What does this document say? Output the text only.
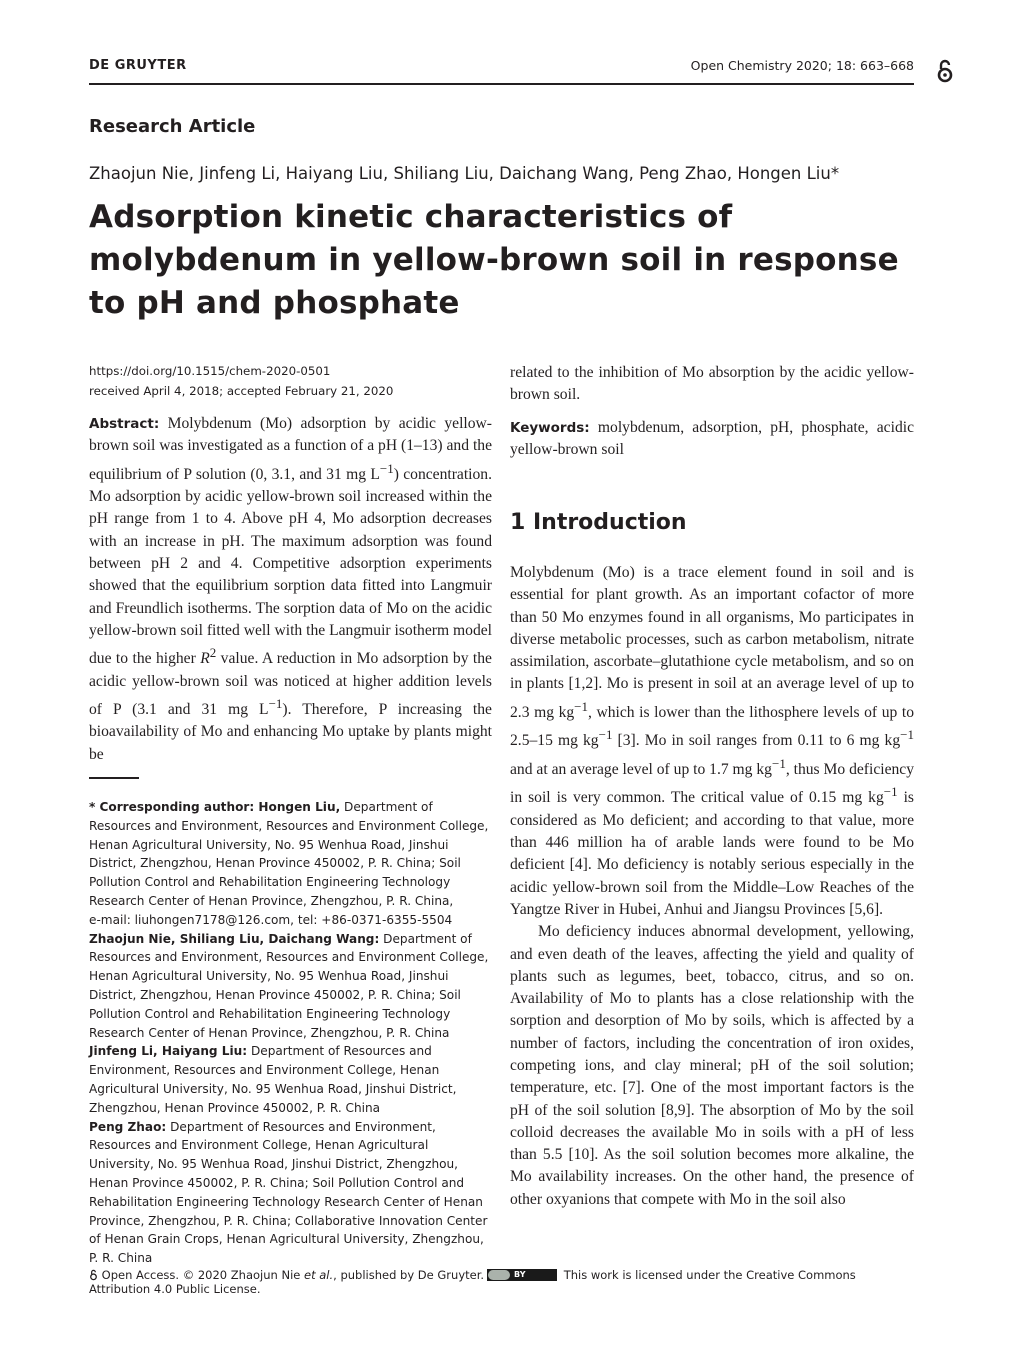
DE GRUYTER	Open Chemistry 2020; 18: 663–668
Research Article
Zhaojun Nie, Jinfeng Li, Haiyang Liu, Shiliang Liu, Daichang Wang, Peng Zhao, Hongen Liu*
Adsorption kinetic characteristics of molybdenum in yellow-brown soil in response to pH and phosphate
https://doi.org/10.1515/chem-2020-0501
received April 4, 2018; accepted February 21, 2020

Abstract: Molybdenum (Mo) adsorption by acidic yellow-brown soil was investigated as a function of a pH (1–13) and the equilibrium of P solution (0, 3.1, and 31 mg $L^{-1}$) concentration. Mo adsorption by acidic yellow-brown soil increased within the pH range from 1 to 4. Above pH 4, Mo adsorption decreases with an increase in pH. The maximum adsorption was found between pH 2 and 4. Competitive adsorption experiments showed that the equilibrium sorption data fitted into Langmuir and Freundlich isotherms. The sorption data of Mo on the acidic yellow-brown soil fitted well with the Langmuir isotherm model due to the higher $R^2$ value. A reduction in Mo adsorption by the acidic yellow-brown soil was noticed at higher addition levels of P (3.1 and 31 mg $L^{-1}$). Therefore, P increasing the bioavailability of Mo and enhancing Mo uptake by plants might be

* Corresponding author: Hongen Liu, Department of Resources and Environment, Resources and Environment College, Henan Agricultural University, No. 95 Wenhua Road, Jinshui District, Zhengzhou, Henan Province 450002, P. R. China; Soil Pollution Control and Rehabilitation Engineering Technology Research Center of Henan Province, Zhengzhou, P. R. China,

e-mail: liuhongen7178@126.com, tel: +86-0371-6355-5504

Zhaojun Nie, Shiliang Liu, Daichang Wang: Department of Resources and Environment, Resources and Environment College, Henan Agricultural University, No. 95 Wenhua Road, Jinshui District, Zhengzhou, Henan Province 450002, P. R. China; Soil Pollution Control and Rehabilitation Engineering Technology Research Center of Henan Province, Zhengzhou, P. R. China

Jinfeng Li, Haiyang Liu: Department of Resources and Environment, Resources and Environment College, Henan Agricultural University, No. 95 Wenhua Road, Jinshui District, Zhengzhou, Henan Province 450002, P. R. China

Peng Zhao: Department of Resources and Environment, Resources and Environment College, Henan Agricultural University, No. 95 Wenhua Road, Jinshui District, Zhengzhou, Henan Province 450002, P. R. China; Soil Pollution Control and Rehabilitation Engineering Technology Research Center of Henan Province, Zhengzhou, P. R. China; Collaborative Innovation Center of Henan Grain Crops, Henan Agricultural University, Zhengzhou, P. R. China

related to the inhibition of Mo absorption by the acidic yellow-brown soil.
Keywords: molybdenum, adsorption, pH, phosphate, acidic yellow-brown soil
1 Introduction

Molybdenum (Mo) is a trace element found in soil and is essential for plant growth. As an important cofactor of more than 50 Mo enzymes found in all organisms, Mo participates in diverse metabolic processes, such as carbon metabolism, nitrate assimilation, ascorbate–glutathione cycle metabolism, and so on in plants [1,2]. Mo is present in soil at an average level of up to 2.3 mg $kg^{-1}$, which is lower than the lithosphere levels of up to 2.5–15 mg $kg^{-1}$ [3]. Mo in soil ranges from 0.11 to 6 mg $kg^{-1}$ and at an average level of up to 1.7 mg $kg^{-1}$, thus Mo deficiency in soil is very common. The critical value of 0.15 mg $kg^{-1}$ is considered as Mo deficient; and according to that value, more than 446 million ha of arable lands were found to be Mo deficient [4]. Mo deficiency is notably serious especially in the acidic yellow-brown soil from the Middle–Low Reaches of the Yangtze River in Hubei, Anhui and Jiangsu Provinces [5,6].

Mo deficiency induces abnormal development, yellowing, and even death of the leaves, affecting the yield and quality of plants such as legumes, beet, tobacco, citrus, and so on. Availability of Mo to plants has a close relationship with the sorption and desorption of Mo by soils, which is affected by a number of factors, including the concentration of iron oxides, competing ions, and clay mineral; pH of the soil solution; temperature, etc. [7]. One of the most important factors is the pH of the soil solution [8,9]. The absorption of Mo by the soil colloid decreases the available Mo in soils with a pH of less than 5.5 [10]. As the soil solution becomes more alkaline, the Mo availability increases. On the other hand, the presence of other oxyanions that compete with Mo in the soil also

Open Access. © 2020 Zhaojun Nie et al., published by De Gruyter.	BY	This work is licensed under the Creative Commons Attribution 4.0 Public License.
